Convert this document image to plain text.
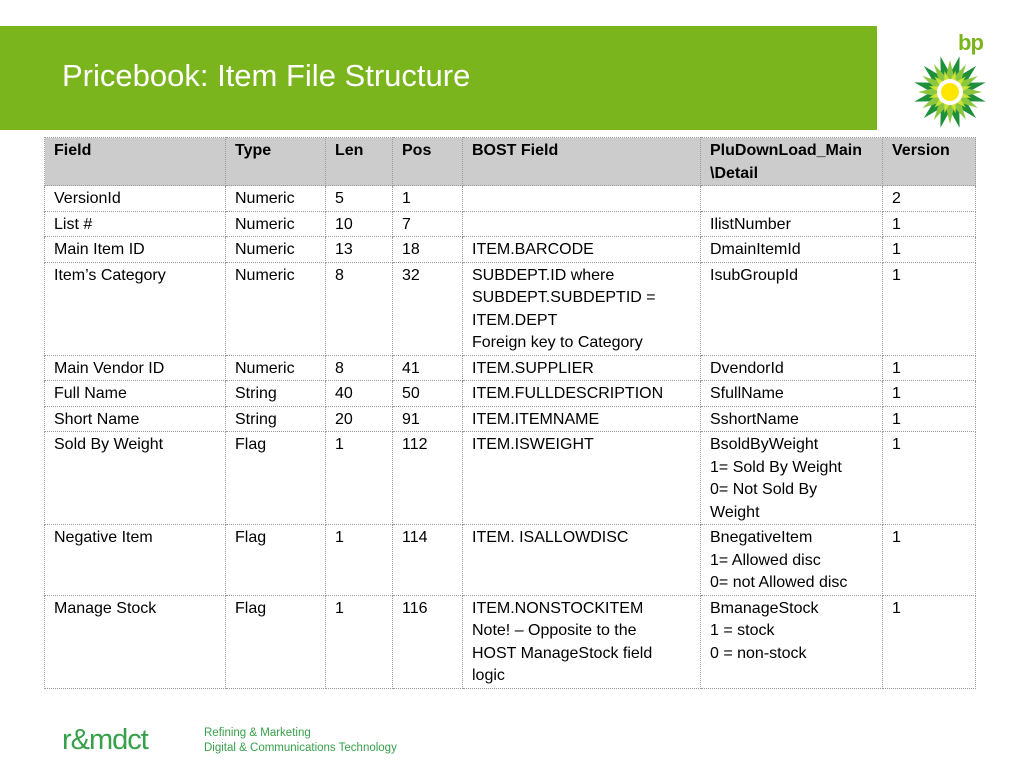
Pricebook: Item File Structure
bp
Field	Type	Len	Pos	BOST Field	PluDownLoad_Main\Detail	Version

VersionId	Numeric	5	1			2

List #	Numeric	10	7		IlistNumber	1

Main Item ID	Numeric	13	18	ITEM.BARCODE	DmainItemId	1

Item’s Category	Numeric	8	32	SUBDEPT.ID where
SUBDEPT.SUBDEPTID =
ITEM.DEPT
Foreign key to Category	IsubGroupId	1

Main Vendor ID	Numeric	8	41	ITEM.SUPPLIER	DvendorId	1

Full Name	String	40	50	ITEM.FULLDESCRIPTION	SfullName	1

Short Name	String	20	91	ITEM.ITEMNAME	SshortName	1

Sold By Weight	Flag	1	112	ITEM.ISWEIGHT	BsoldByWeight
1= Sold By Weight
0= Not Sold By
Weight	1

Negative Item	Flag	1	114	ITEM. ISALLOWDISC	BnegativeItem
1= Allowed disc
0= not Allowed disc	1

Manage Stock	Flag	1	116	ITEM.NONSTOCKITEM
Note! – Opposite to the
HOST ManageStock field
logic	BmanageStock
1 = stock
0 = non-stock	1
r&mdct	Refining & Marketing
Digital & Communications Technology
